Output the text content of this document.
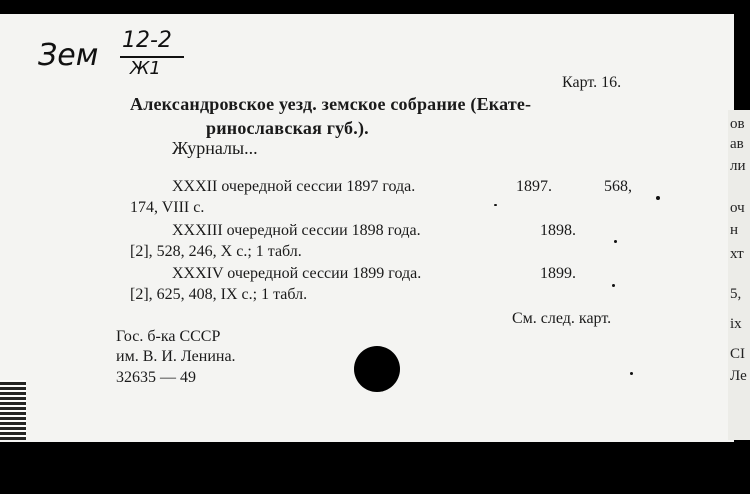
Зем 12-2
Ж1
Карт. 16.
Александровское уезд. земское собрание (Екате-
ринославская губ.).
Журналы...
XXXII очередной сессии 1897 года.	1897.	568,
174, VIII с.
XXXIII очередной сессии 1898 года.	1898.
[2], 528, 246, X с.; 1 табл.
XXXIV очередной сессии 1899 года.	1899.
[2], 625, 408, IX с.; 1 табл.
См. след. карт.
Гос. б-ка СССР
им. В. И. Ленина.
32635 — 49
ов
ав
ли
оч
н
хт
5,
ix
СІ
Ле
